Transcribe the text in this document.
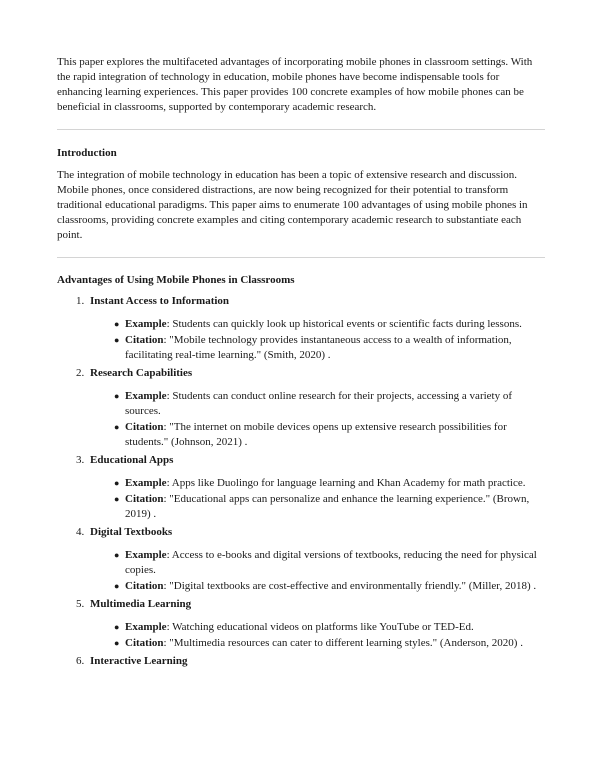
This paper explores the multifaceted advantages of incorporating mobile phones in classroom settings. With the rapid integration of technology in education, mobile phones have become indispensable tools for enhancing learning experiences. This paper provides 100 concrete examples of how mobile phones can be beneficial in classrooms, supported by contemporary academic research.

Introduction

The integration of mobile technology in education has been a topic of extensive research and discussion. Mobile phones, once considered distractions, are now being recognized for their potential to transform traditional educational paradigms. This paper aims to enumerate 100 advantages of using mobile phones in classrooms, providing concrete examples and citing contemporary academic research to substantiate each point.

Advantages of Using Mobile Phones in Classrooms

1. Instant Access to Information
● Example: Students can quickly look up historical events or scientific facts during lessons.
● Citation: "Mobile technology provides instantaneous access to a wealth of information, facilitating real-time learning." (Smith, 2020) .
2. Research Capabilities
● Example: Students can conduct online research for their projects, accessing a variety of sources.
● Citation: "The internet on mobile devices opens up extensive research possibilities for students." (Johnson, 2021) .
3. Educational Apps
● Example: Apps like Duolingo for language learning and Khan Academy for math practice.
● Citation: "Educational apps can personalize and enhance the learning experience." (Brown, 2019) .
4. Digital Textbooks
● Example: Access to e-books and digital versions of textbooks, reducing the need for physical copies.
● Citation: "Digital textbooks are cost-effective and environmentally friendly." (Miller, 2018) .
5. Multimedia Learning
● Example: Watching educational videos on platforms like YouTube or TED-Ed.
● Citation: "Multimedia resources can cater to different learning styles." (Anderson, 2020) .
6. Interactive Learning
